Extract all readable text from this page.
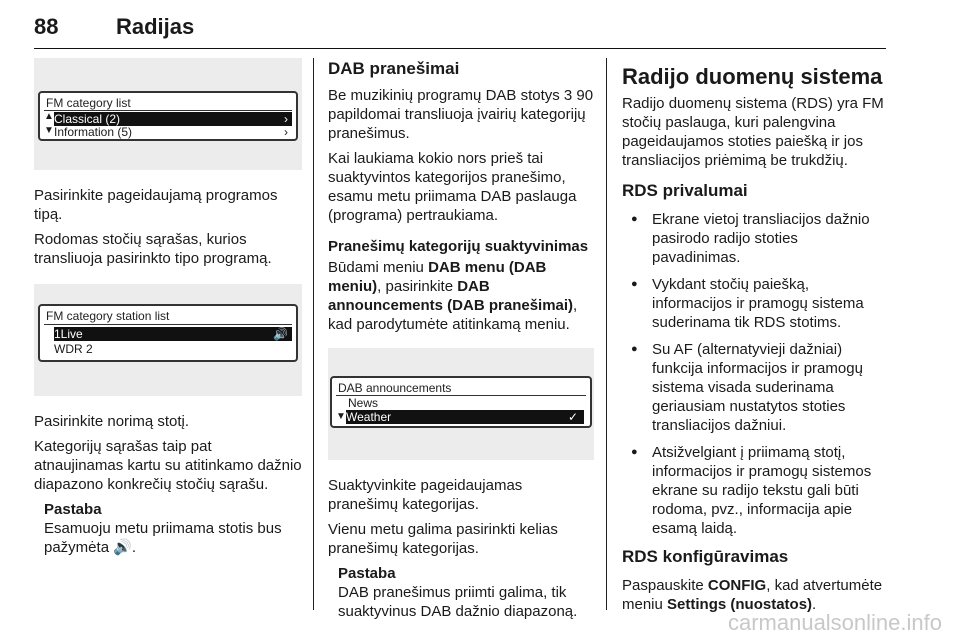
88	Radijas
FM category list
▲ Classical (2)	›
▼ Information (5)	›

Pasirinkite pageidaujamą programos tipą.

Rodomas stočių sąrašas, kurios transliuoja pasirinkto tipo programą.

FM category station list
1Live	🔊
WDR 2

Pasirinkite norimą stotį.

Kategorijų sąrašas taip pat atnaujinamas kartu su atitinkamo dažnio diapazono konkrečių stočių sąrašu.

Pastaba

Esamuoju metu priimama stotis bus pažymėta 🔊.

DAB pranešimai

Be muzikinių programų DAB stotys 3 90 papildomai transliuoja įvairių kategorijų pranešimus.

Kai laukiama kokio nors prieš tai suaktyvintos kategorijos pranešimo, esamu metu priimama DAB paslauga (programa) pertraukiama.

Pranešimų kategorijų suaktyvinimas

Būdami meniu DAB menu (DAB meniu), pasirinkite DAB announcements (DAB pranešimai), kad parodytumėte atitinkamą meniu.

DAB announcements
News
▼ Weather	✓

Suaktyvinkite pageidaujamas pranešimų kategorijas.

Vienu metu galima pasirinkti kelias pranešimų kategorijas.

Pastaba

DAB pranešimus priimti galima, tik suaktyvinus DAB dažnio diapazoną.

Radijo duomenų sistema

Radijo duomenų sistema (RDS) yra FM stočių paslauga, kuri palengvina pageidaujamos stoties paiešką ir jos transliacijos priėmimą be trukdžių.

RDS privalumai
● Ekrane vietoj transliacijos dažnio pasirodo radijo stoties pavadinimas.
● Vykdant stočių paiešką, informacijos ir pramogų sistema suderinama tik RDS stotims.
● Su AF (alternatyvieji dažniai) funkcija informacijos ir pramogų sistema visada suderinama geriausiam nustatytos stoties transliacijos dažniui.
● Atsižvelgiant į priimamą stotį, informacijos ir pramogų sistemos ekrane su radijo tekstu gali būti rodoma, pvz., informacija apie esamą laidą.
RDS konfigūravimas

Paspauskite CONFIG, kad atvertumėte meniu Settings (nuostatos).

carmanualsonline.info
